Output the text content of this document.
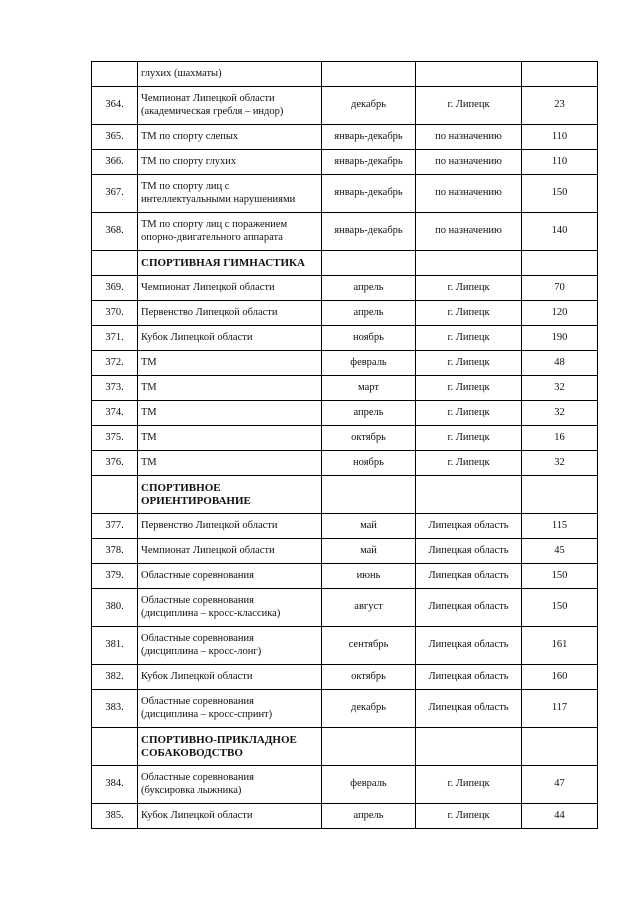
	глухих (шахматы)			

364.	Чемпионат Липецкой области
(академическая гребля – индор)	декабрь	г. Липецк	23
365.	ТМ по спорту слепых	январь-декабрь	по назначению	110
366.	ТМ по спорту глухих	январь-декабрь	по назначению	110
367.	ТМ по спорту лиц с
интеллектуальными нарушениями	январь-декабрь	по назначению	150
368.	ТМ по спорту лиц с поражением
опорно-двигательного аппарата	январь-декабрь	по назначению	140

	СПОРТИВНАЯ ГИМНАСТИКА			

369.	Чемпионат Липецкой области	апрель	г. Липецк	70
370.	Первенство Липецкой области	апрель	г. Липецк	120
371.	Кубок Липецкой области	ноябрь	г. Липецк	190
372.	ТМ	февраль	г. Липецк	48
373.	ТМ	март	г. Липецк	32
374.	ТМ	апрель	г. Липецк	32
375.	ТМ	октябрь	г. Липецк	16
376.	ТМ	ноябрь	г. Липецк	32

	СПОРТИВНОЕ
ОРИЕНТИРОВАНИЕ			

377.	Первенство Липецкой области	май	Липецкая область	115
378.	Чемпионат Липецкой области	май	Липецкая область	45
379.	Областные соревнования	июнь	Липецкая область	150
380.	Областные соревнования
(дисциплина – кросс-классика)	август	Липецкая область	150
381.	Областные соревнования
(дисциплина – кросс-лонг)	сентябрь	Липецкая область	161
382.	Кубок Липецкой области	октябрь	Липецкая область	160
383.	Областные соревнования
(дисциплина – кросс-спринт)	декабрь	Липецкая область	117

	СПОРТИВНО-ПРИКЛАДНОЕ
СОБАКОВОДСТВО			

384.	Областные соревнования
(буксировка лыжника)	февраль	г. Липецк	47
385.	Кубок Липецкой области	апрель	г. Липецк	44
